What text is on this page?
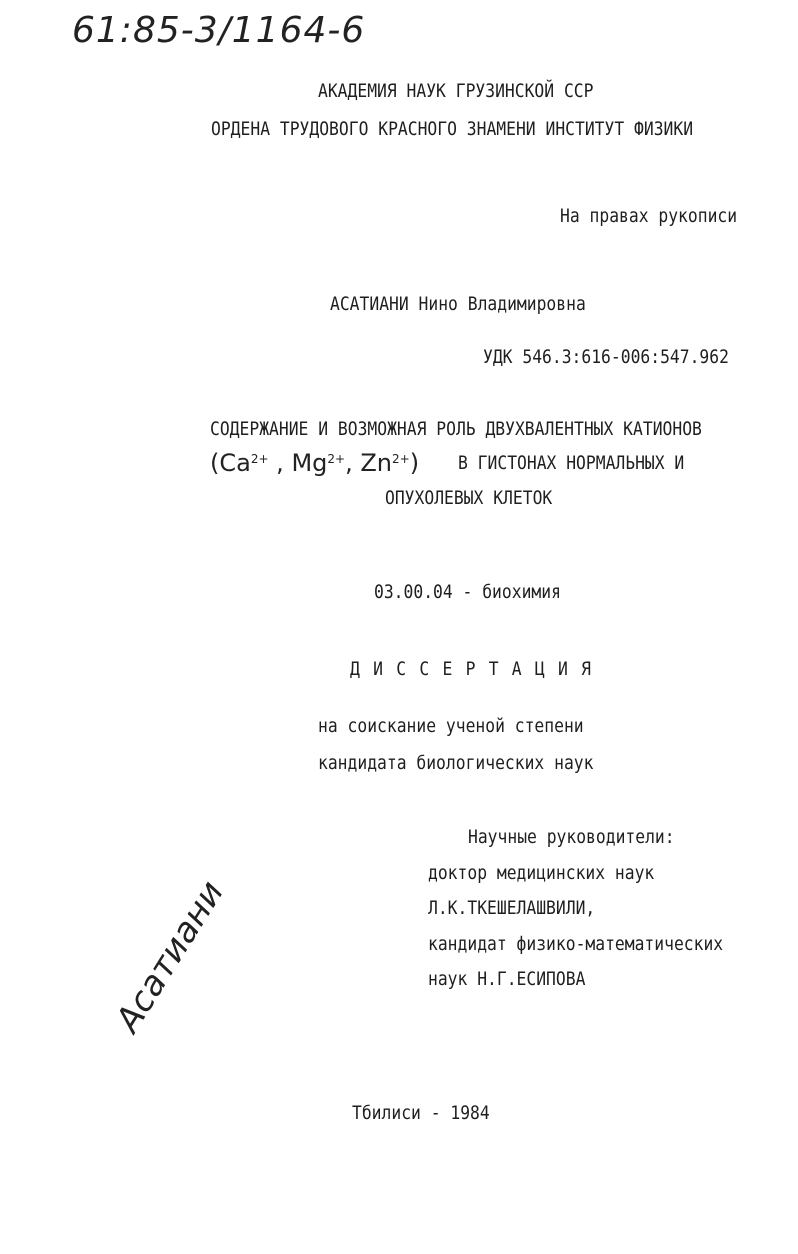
61:85-3/1164-6
АКАДЕМИЯ НАУК ГРУЗИНСКОЙ ССР
ОРДЕНА ТРУДОВОГО КРАСНОГО ЗНАМЕНИ ИНСТИТУТ ФИЗИКИ
На правах рукописи
АСАТИАНИ Нино Владимировна
УДК 546.3:616-006:547.962
СОДЕРЖАНИЕ И ВОЗМОЖНАЯ РОЛЬ ДВУХВАЛЕНТНЫХ КАТИОНОВ
($Ca^{2+}$ , $Mg^{2+}$, $Zn^{2+}$) В ГИСТОНАХ НОРМАЛЬНЫХ И
ОПУХОЛЕВЫХ КЛЕТОК
03.00.04 - биохимия
Д И С С Е Р Т А Ц И Я
на соискание ученой степени
кандидата биологических наук
Научные руководители:
доктор медицинских наук
Л.К.ТКЕШЕЛАШВИЛИ,
кандидат физико-математических
наук Н.Г.ЕСИПОВА
Асатиани
Тбилиси - 1984
